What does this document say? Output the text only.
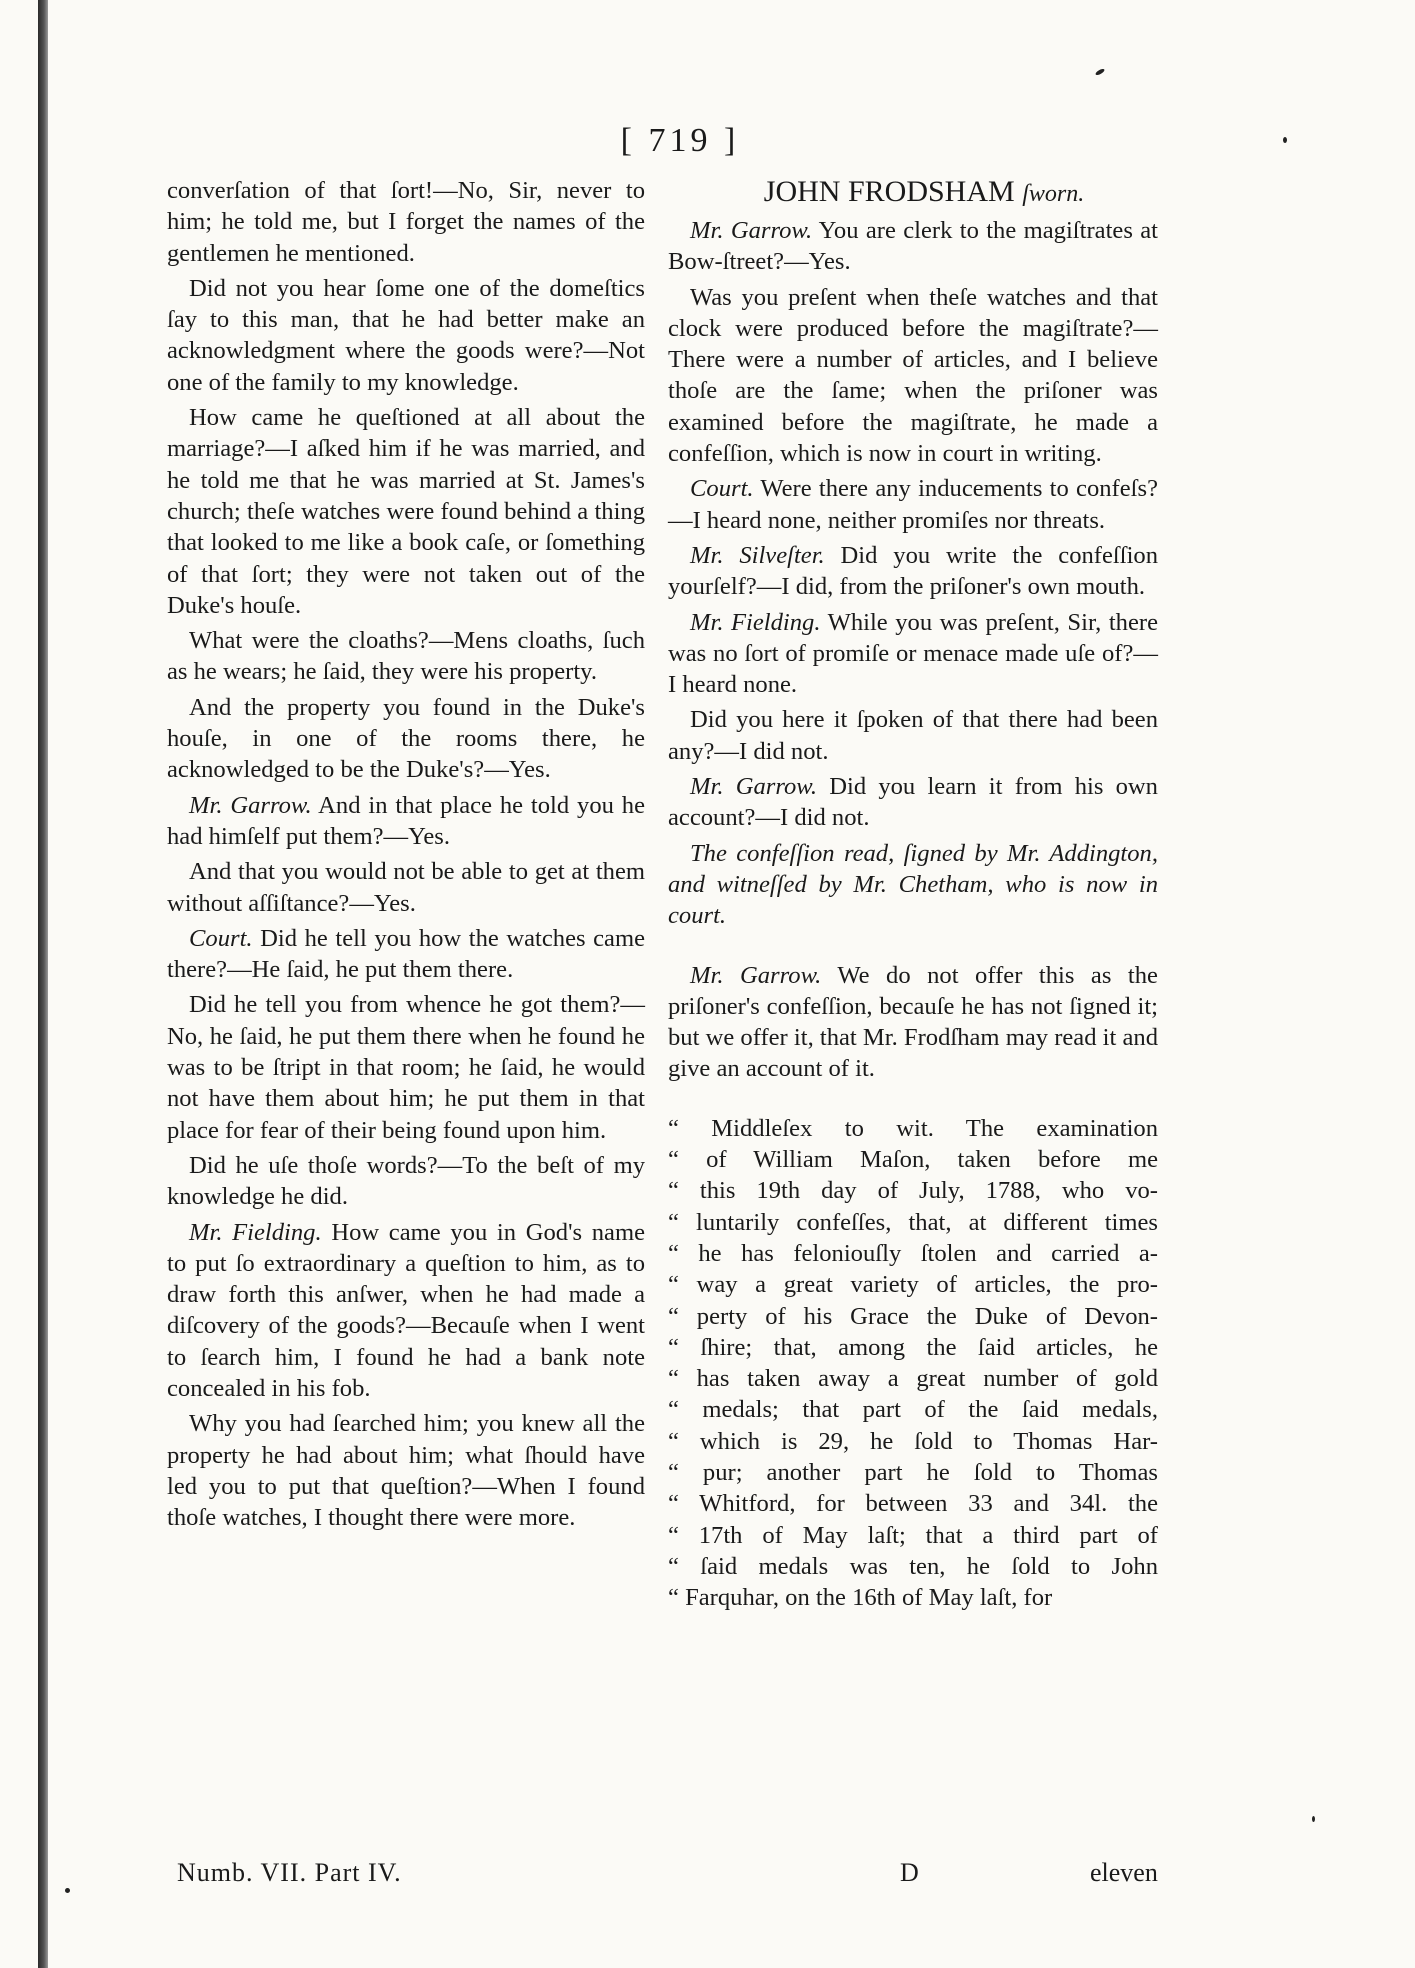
[ 719 ]

converſation of that ſort!—No, Sir, never to him; he told me, but I forget the names of the gentlemen he mentioned.

Did not you hear ſome one of the domeſtics ſay to this man, that he had better make an acknowledgment where the goods were?—Not one of the family to my knowledge.

How came he queſtioned at all about the marriage?—I aſked him if he was married, and he told me that he was married at St. James's church; theſe watches were found behind a thing that looked to me like a book caſe, or ſomething of that ſort; they were not taken out of the Duke's houſe.

What were the cloaths?—Mens cloaths, ſuch as he wears; he ſaid, they were his property.

And the property you found in the Duke's houſe, in one of the rooms there, he acknowledged to be the Duke's?—Yes.

Mr. Garrow. And in that place he told you he had himſelf put them?—Yes.

And that you would not be able to get at them without aſſiſtance?—Yes.

Court. Did he tell you how the watches came there?—He ſaid, he put them there.

Did he tell you from whence he got them?—No, he ſaid, he put them there when he found he was to be ſtript in that room; he ſaid, he would not have them about him; he put them in that place for fear of their being found upon him.

Did he uſe thoſe words?—To the beſt of my knowledge he did.

Mr. Fielding. How came you in God's name to put ſo extraordinary a queſtion to him, as to draw forth this anſwer, when he had made a diſcovery of the goods?—Becauſe when I went to ſearch him, I found he had a bank note concealed in his fob.

Why you had ſearched him; you knew all the property he had about him; what ſhould have led you to put that queſtion?—When I found thoſe watches, I thought there were more.

JOHN FRODSHAM ſworn.

Mr. Garrow. You are clerk to the magiſtrates at Bow-ſtreet?—Yes.

Was you preſent when theſe watches and that clock were produced before the magiſtrate?—There were a number of articles, and I believe thoſe are the ſame; when the priſoner was examined before the magiſtrate, he made a confeſſion, which is now in court in writing.

Court. Were there any inducements to confeſs?—I heard none, neither promiſes nor threats.

Mr. Silveſter. Did you write the confeſſion yourſelf?—I did, from the priſoner's own mouth.

Mr. Fielding. While you was preſent, Sir, there was no ſort of promiſe or menace made uſe of?—I heard none.

Did you here it ſpoken of that there had been any?—I did not.

Mr. Garrow. Did you learn it from his own account?—I did not.

The confeſſion read, ſigned by Mr. Addington, and witneſſed by Mr. Chetham, who is now in court.

Mr. Garrow. We do not offer this as the priſoner's confeſſion, becauſe he has not ſigned it; but we offer it, that Mr. Frodſham may read it and give an account of it.

“ Middleſex to wit. The examination
“ of William Maſon, taken before me
“ this 19th day of July, 1788, who vo-
“ luntarily confeſſes, that, at different times
“ he has feloniouſly ſtolen and carried a-
“ way a great variety of articles, the pro-
“ perty of his Grace the Duke of Devon-
“ ſhire; that, among the ſaid articles, he
“ has taken away a great number of gold
“ medals; that part of the ſaid medals,
“ which is 29, he ſold to Thomas Har-
“ pur; another part he ſold to Thomas
“ Whitford, for between 33 and 34l. the
“ 17th of May laſt; that a third part of
“ ſaid medals was ten, he ſold to John
“ Farquhar, on the 16th of May laſt, for
Numb. VII. Part IV.	D	eleven
